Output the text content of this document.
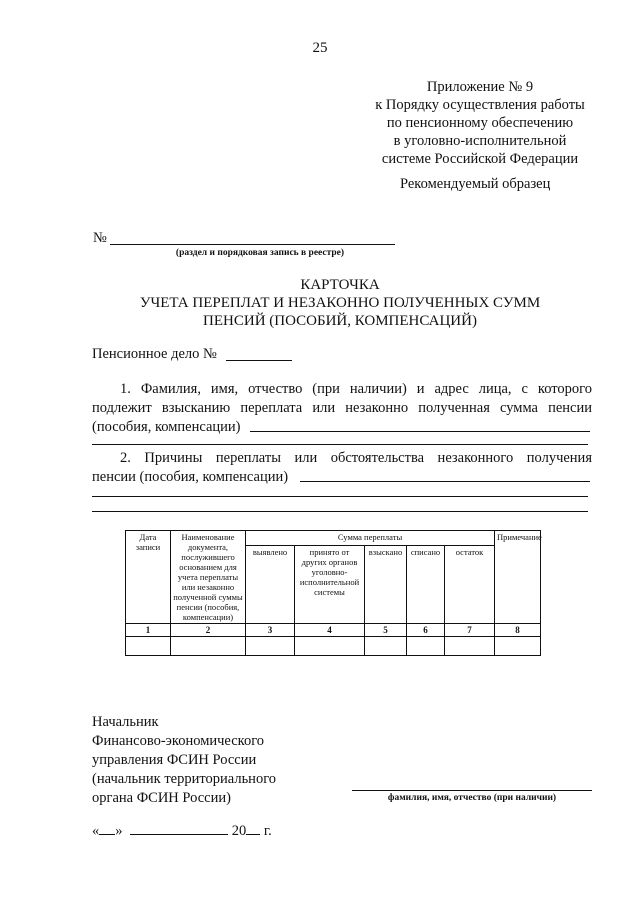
25
Приложение № 9
к Порядку осуществления работы
по пенсионному обеспечению
в уголовно-исполнительной
системе Российской Федерации
Рекомендуемый образец
№
(раздел и порядковая запись в реестре)
КАРТОЧКА
УЧЕТА ПЕРЕПЛАТ И НЕЗАКОННО ПОЛУЧЕННЫХ СУММ
ПЕНСИЙ (ПОСОБИЙ, КОМПЕНСАЦИЙ)
Пенсионное дело №
1. Фамилия, имя, отчество (при наличии) и адрес лица, с которого
подлежит взысканию переплата или незаконно полученная сумма пенсии
(пособия, компенсации)
2. Причины переплаты или обстоятельства незаконного получения
пенсии (пособия, компенсации)
Дата записи	Наименование документа, послужившего основанием для учета переплаты или незаконно полученной суммы пенсии (пособия, компенсации)	Сумма переплаты					Примечание
		выявлено	принято от других органов уголовно-исполнительной системы	взыскано	списано	остаток	
1	2	3	4	5	6	7	8

Начальник
Финансово-экономического
управления ФСИН России
(начальник территориального
органа ФСИН России)	фамилия, имя, отчество (при наличии)
« »	20 г.
